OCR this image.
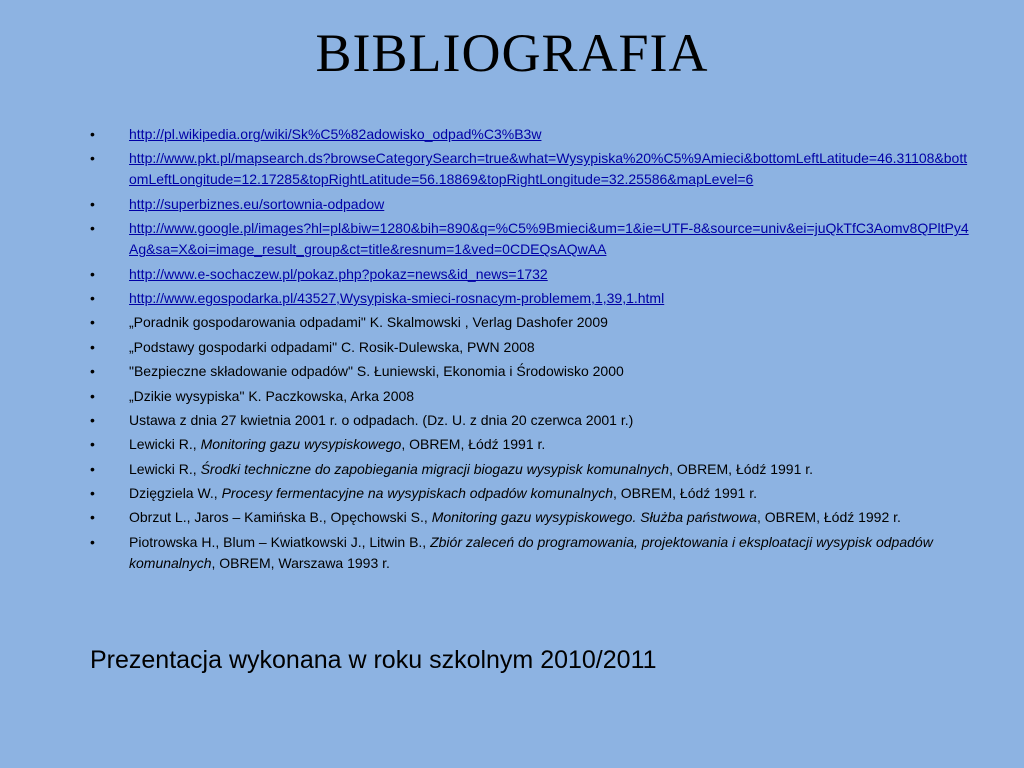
BIBLIOGRAFIA
• http://pl.wikipedia.org/wiki/Sk%C5%82adowisko_odpad%C3%B3w
• http://www.pkt.pl/mapsearch.ds?browseCategorySearch=true&what=Wysypiska%20%C5%9Amieci&bottomLeftLatitude=46.31108&bottomLeftLongitude=12.17285&topRightLatitude=56.18869&topRightLongitude=32.25586&mapLevel=6
• http://superbiznes.eu/sortownia-odpadow
• http://www.google.pl/images?hl=pl&biw=1280&bih=890&q=%C5%9Bmieci&um=1&ie=UTF-8&source=univ&ei=juQkTfC3Aomv8QPltPy4Ag&sa=X&oi=image_result_group&ct=title&resnum=1&ved=0CDEQsAQwAA
• http://www.e-sochaczew.pl/pokaz.php?pokaz=news&id_news=1732
• http://www.egospodarka.pl/43527,Wysypiska-smieci-rosnacym-problemem,1,39,1.html
• „Poradnik gospodarowania odpadami" K. Skalmowski , Verlag Dashofer 2009
• „Podstawy gospodarki odpadami" C. Rosik-Dulewska, PWN 2008
• "Bezpieczne składowanie odpadów" S. Łuniewski, Ekonomia i Środowisko 2000
• „Dzikie wysypiska" K. Paczkowska, Arka 2008
• Ustawa z dnia 27 kwietnia 2001 r. o odpadach. (Dz. U. z dnia 20 czerwca 2001 r.)
• Lewicki R., Monitoring gazu wysypiskowego, OBREM, Łódź 1991 r.
• Lewicki R., Środki techniczne do zapobiegania migracji biogazu wysypisk komunalnych, OBREM, Łódź 1991 r.
• Dzięgziela W., Procesy fermentacyjne na wysypiskach odpadów komunalnych, OBREM, Łódź 1991 r.
• Obrzut L., Jaros – Kamińska B., Opęchowski S., Monitoring gazu wysypiskowego. Służba państwowa, OBREM, Łódź 1992 r.
• Piotrowska H., Blum – Kwiatkowski J., Litwin B., Zbiór zaleceń do programowania, projektowania i eksploatacji wysypisk odpadów komunalnych, OBREM, Warszawa 1993 r.
Prezentacja wykonana w roku szkolnym 2010/2011
